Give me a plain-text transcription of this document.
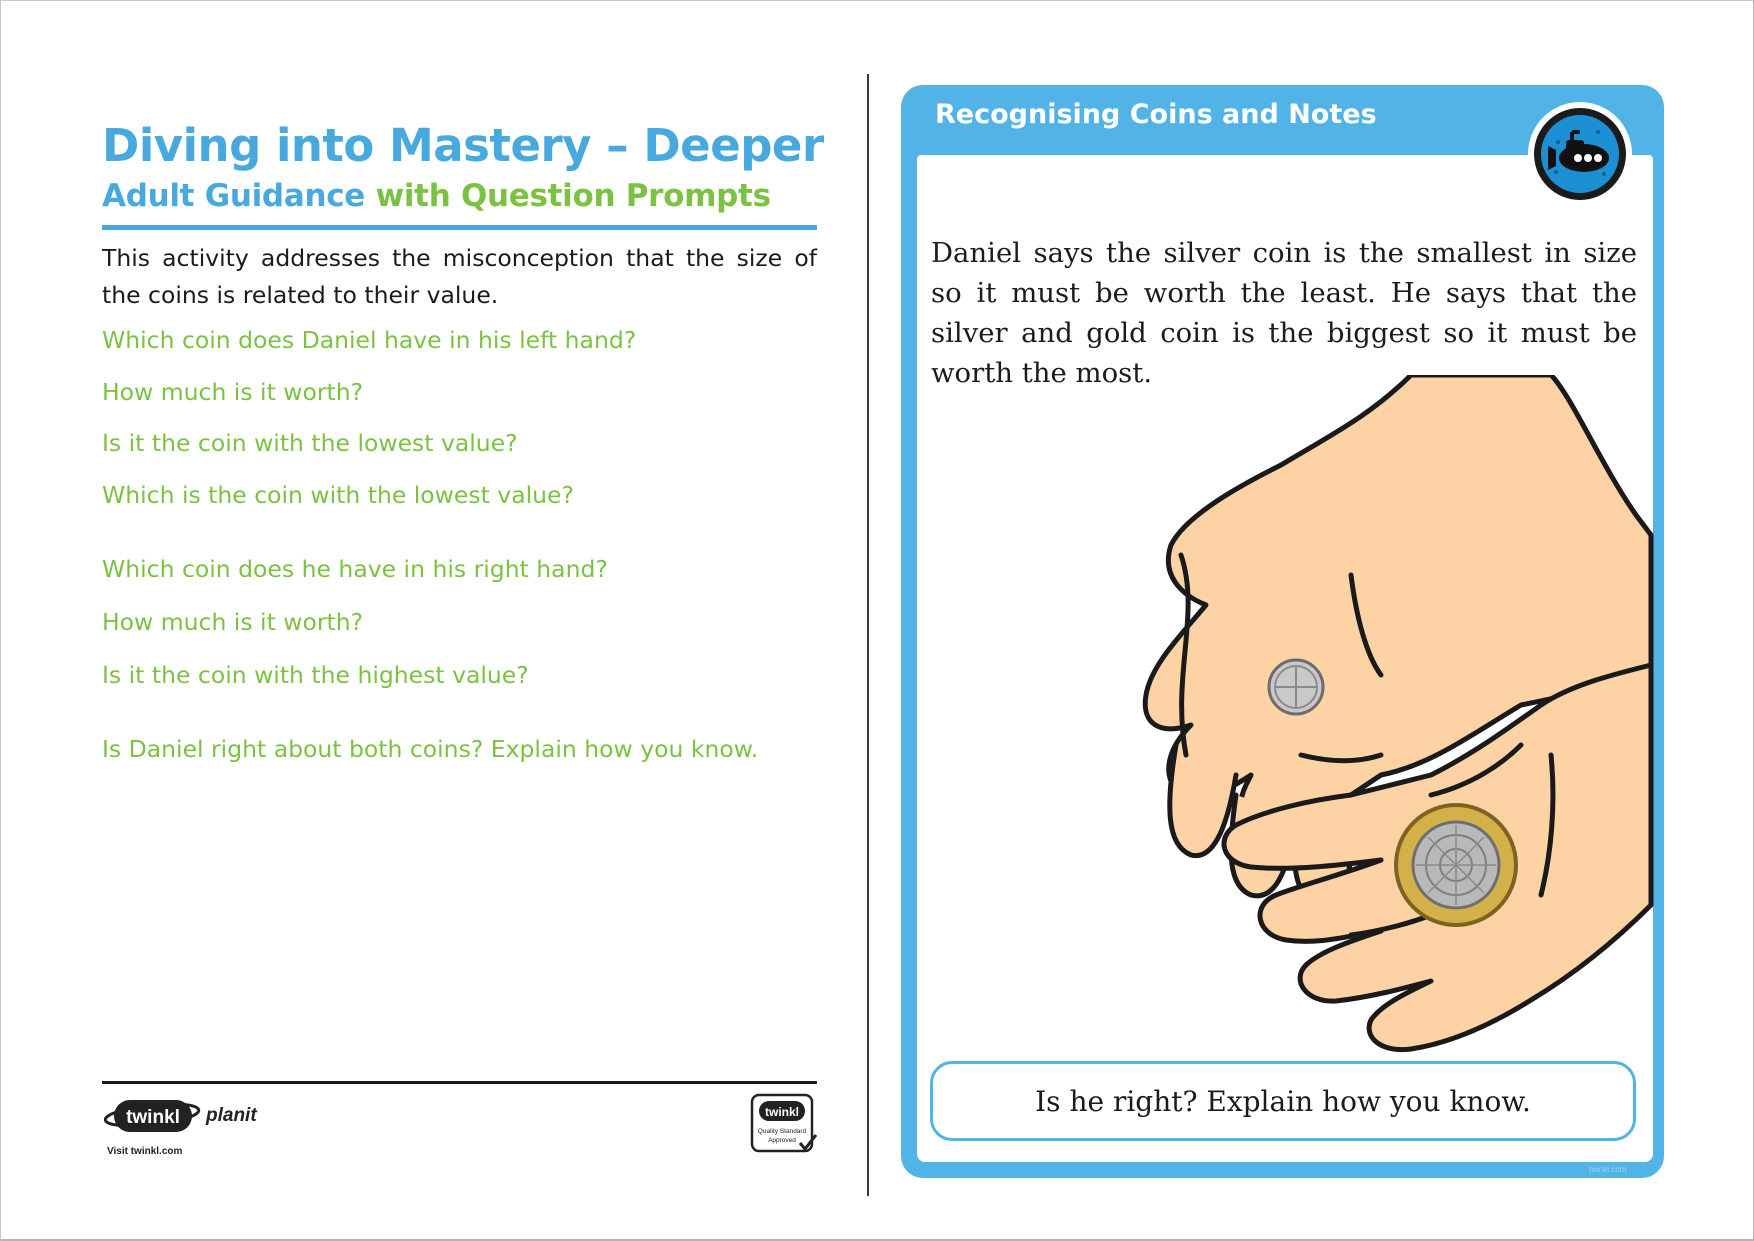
Diving into Mastery – Deeper
Adult Guidance with Question Prompts

This activity addresses the misconception that the size of the coins is related to their value.

Which coin does Daniel have in his left hand?
How much is it worth?
Is it the coin with the lowest value?
Which is the coin with the lowest value?
Which coin does he have in his right hand?
How much is it worth?
Is it the coin with the highest value?
Is Daniel right about both coins? Explain how you know.
twinkl planit
Visit twinkl.com
twinkl
Quality Standard
Approved
Recognising Coins and Notes

Daniel says the silver coin is the smallest in size so it must be worth the least. He says that the silver and gold coin is the biggest so it must be worth the most.

Is he right? Explain how you know.
twinkl.com
